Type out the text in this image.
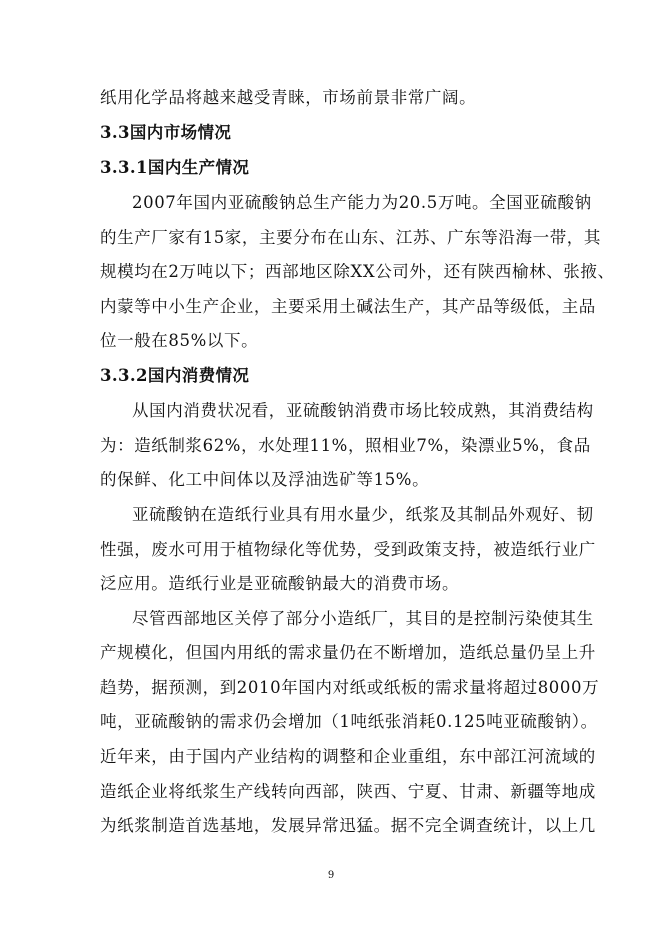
纸用化学品将越来越受青睐，市场前景非常广阔。
3.3国内市场情况
3.3.1国内生产情况
2007年国内亚硫酸钠总生产能力为20.5万吨。全国亚硫酸钠
的生产厂家有15家，主要分布在山东、江苏、广东等沿海一带，其
规模均在2万吨以下；西部地区除XX公司外，还有陕西榆林、张掖、
内蒙等中小生产企业，主要采用土碱法生产，其产品等级低，主品
位一般在85%以下。
3.3.2国内消费情况
从国内消费状况看，亚硫酸钠消费市场比较成熟，其消费结构
为：造纸制浆62%，水处理11%，照相业7%，染漂业5%，食品
的保鲜、化工中间体以及浮油选矿等15%。
亚硫酸钠在造纸行业具有用水量少，纸浆及其制品外观好、韧
性强，废水可用于植物绿化等优势，受到政策支持，被造纸行业广
泛应用。造纸行业是亚硫酸钠最大的消费市场。
尽管西部地区关停了部分小造纸厂，其目的是控制污染使其生
产规模化，但国内用纸的需求量仍在不断增加，造纸总量仍呈上升
趋势，据预测，到2010年国内对纸或纸板的需求量将超过8000万
吨，亚硫酸钠的需求仍会增加（1吨纸张消耗0.125吨亚硫酸钠）。
近年来，由于国内产业结构的调整和企业重组，东中部江河流域的
造纸企业将纸浆生产线转向西部，陕西、宁夏、甘肃、新疆等地成
为纸浆制造首选基地，发展异常迅猛。据不完全调查统计，以上几
9
